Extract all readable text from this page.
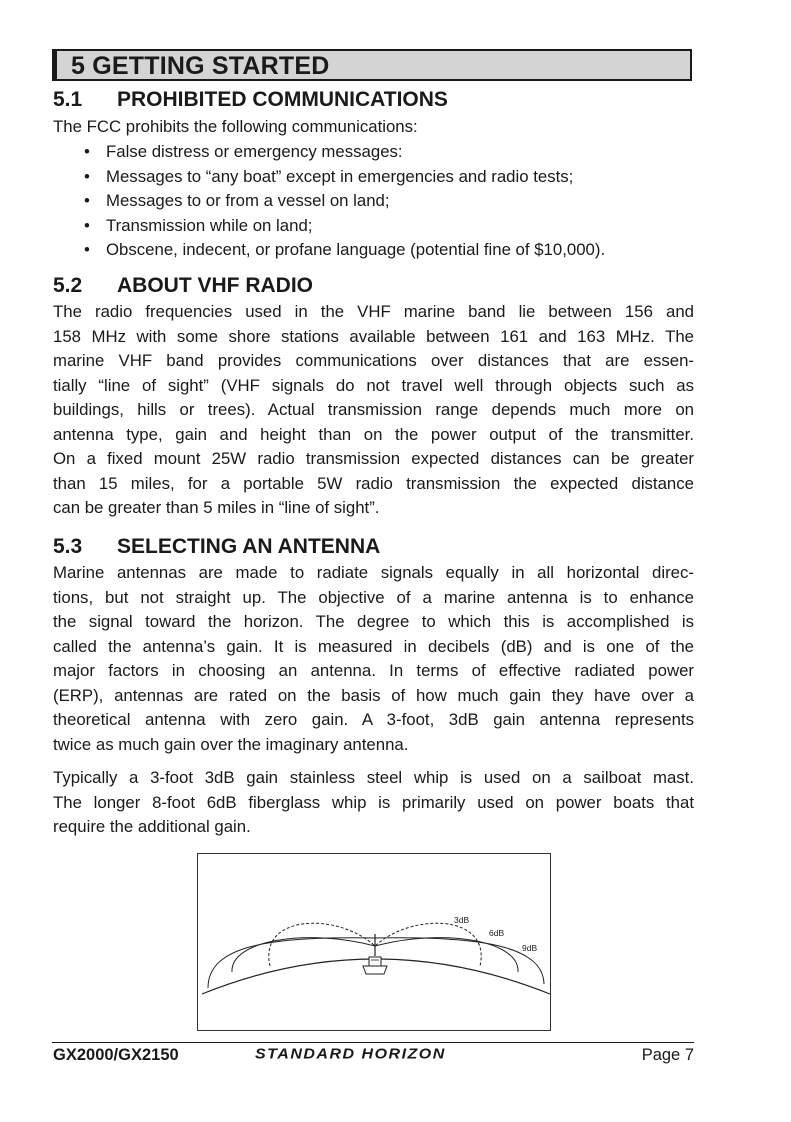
5 GETTING STARTED
5.1 PROHIBITED COMMUNICATIONS

The FCC prohibits the following communications:

• False distress or emergency messages:
• Messages to “any boat” except in emergencies and radio tests;
• Messages to or from a vessel on land;
• Transmission while on land;
• Obscene, indecent, or profane language (potential fine of $10,000).
5.2 ABOUT VHF RADIO

The radio frequencies used in the VHF marine band lie between 156 and
158 MHz with some shore stations available between 161 and 163 MHz. The
marine VHF band provides communications over distances that are essen-
tially “line of sight” (VHF signals do not travel well through objects such as
buildings, hills or trees). Actual transmission range depends much more on
antenna type, gain and height than on the power output of the transmitter.
On a fixed mount 25W radio transmission expected distances can be greater
than 15 miles, for a portable 5W radio transmission the expected distance
can be greater than 5 miles in “line of sight”.

5.3 SELECTING AN ANTENNA

Marine antennas are made to radiate signals equally in all horizontal direc-
tions, but not straight up. The objective of a marine antenna is to enhance
the signal toward the horizon. The degree to which this is accomplished is
called the antenna’s gain. It is measured in decibels (dB) and is one of the
major factors in choosing an antenna. In terms of effective radiated power
(ERP), antennas are rated on the basis of how much gain they have over a
theoretical antenna with zero gain. A 3-foot, 3dB gain antenna represents
twice as much gain over the imaginary antenna.

Typically a 3-foot 3dB gain stainless steel whip is used on a sailboat mast.
The longer 8-foot 6dB fiberglass whip is primarily used on power boats that
require the additional gain.

3dB
6dB
9dB
GX2000/GX2150	STANDARD HORIZON	Page 7
